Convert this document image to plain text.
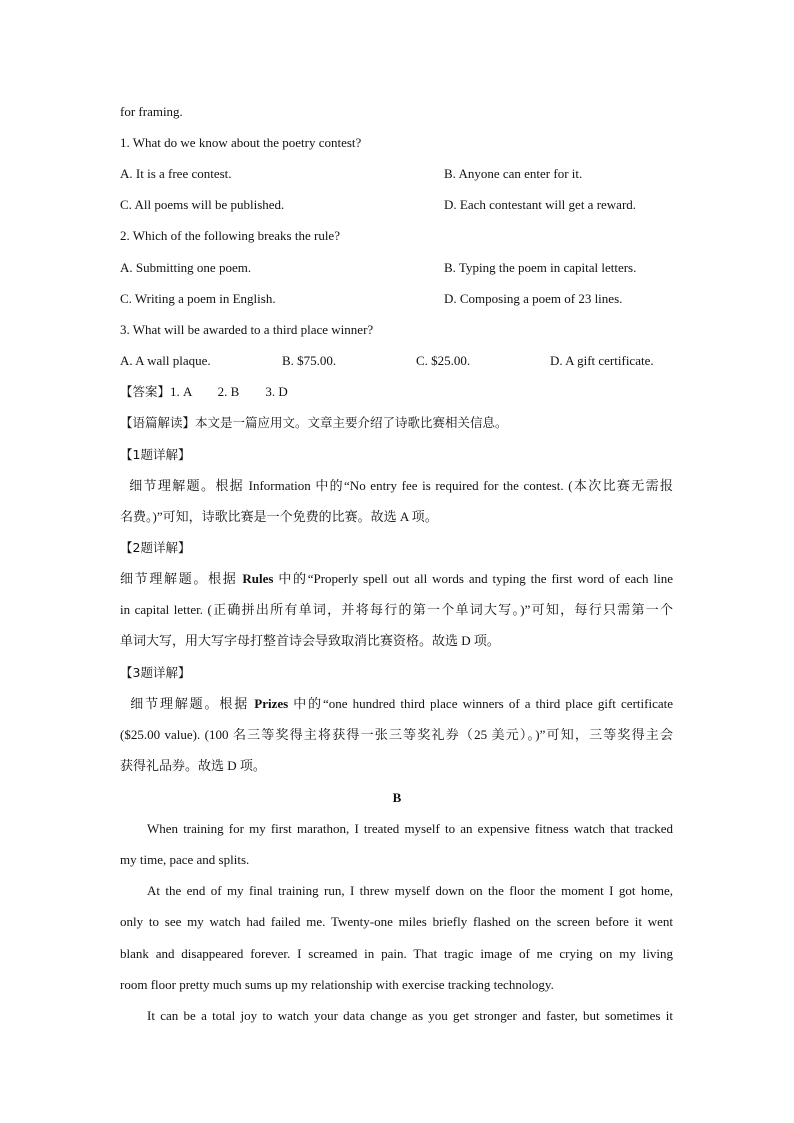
for framing.
1. What do we know about the poetry contest?
A. It is a free contest.	B. Anyone can enter for it.
C. All poems will be published.	D. Each contestant will get a reward.
2. Which of the following breaks the rule?
A. Submitting one poem.	B. Typing the poem in capital letters.
C. Writing a poem in English.	D. Composing a poem of 23 lines.
3. What will be awarded to a third place winner?
A. A wall plaque.	B. $75.00.	C. $25.00.	D. A gift certificate.
【答案】1. A        2. B        3. D
【语篇解读】本文是一篇应用文。文章主要介绍了诗歌比赛相关信息。
【1题详解】
细节理解题。根据 Information 中的“No entry fee is required for the contest. (本次比赛无需报
名费。)”可知，诗歌比赛是一个免费的比赛。故选 A 项。
【2题详解】
细节理解题。根据 Rules 中的“Properly spell out all words and typing the first word of each line
in capital letter. (正确拼出所有单词，并将每行的第一个单词大写。)”可知，每行只需第一个
单词大写，用大写字母打整首诗会导致取消比赛资格。故选 D 项。
【3题详解】
细节理解题。根据 Prizes 中的“one hundred third place winners of a third place gift certificate
($25.00 value). (100 名三等奖得主将获得一张三等奖礼券（25 美元）。)”可知，三等奖得主会
获得礼品券。故选 D 项。
B
When training for my first marathon, I treated myself to an expensive fitness watch that tracked
my time, pace and splits.
At the end of my final training run, I threw myself down on the floor the moment I got home,
only to see my watch had failed me. Twenty-one miles briefly flashed on the screen before it went
blank and disappeared forever. I screamed in pain. That tragic image of me crying on my living
room floor pretty much sums up my relationship with exercise tracking technology.
It can be a total joy to watch your data change as you get stronger and faster, but sometimes it
